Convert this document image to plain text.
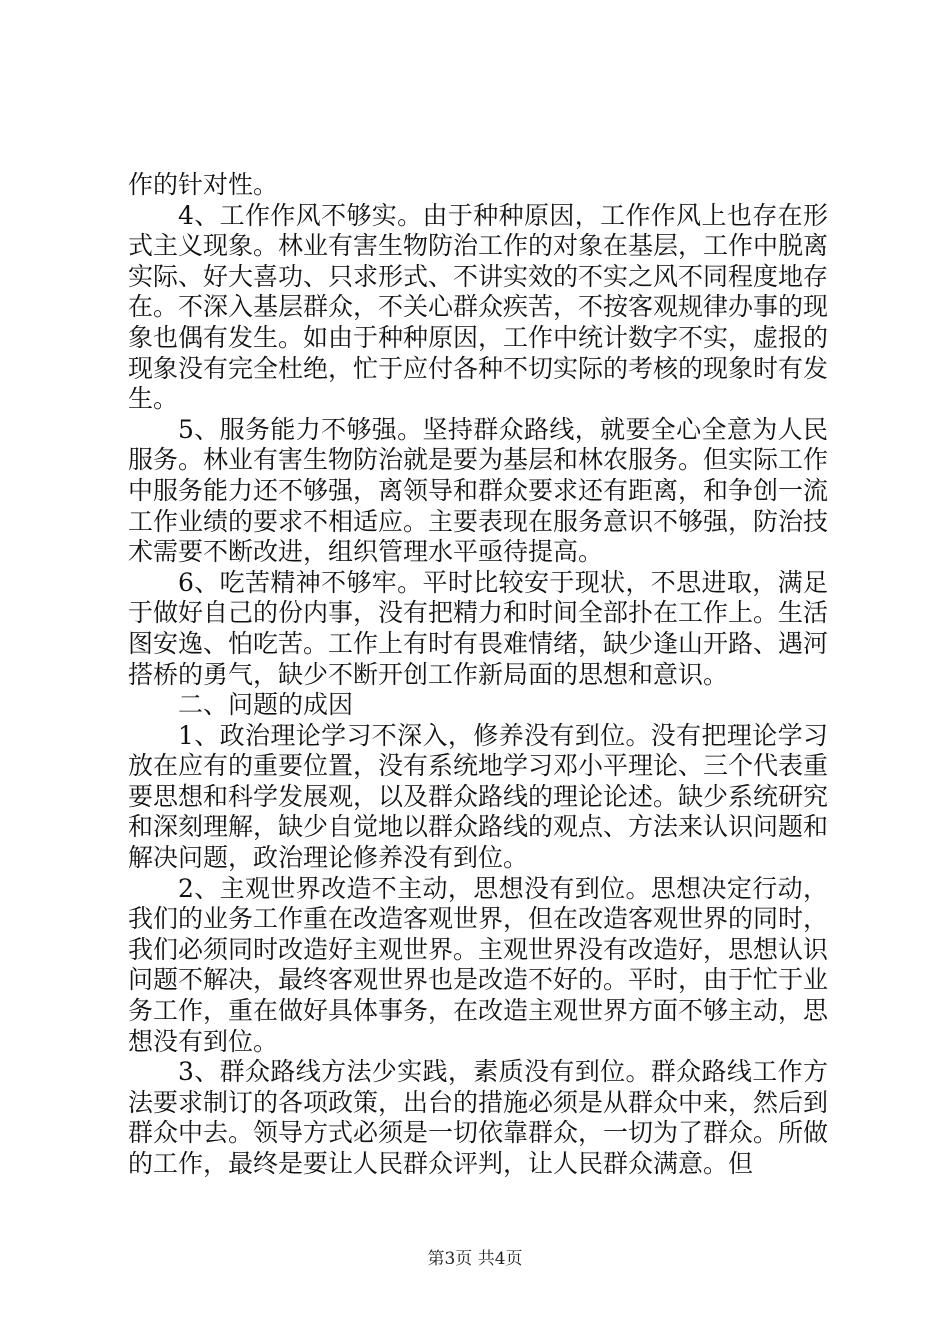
作的针对性。

4、工作作风不够实。由于种种原因，工作作风上也存在形式主义现象。林业有害生物防治工作的对象在基层，工作中脱离实际、好大喜功、只求形式、不讲实效的不实之风不同程度地存在。不深入基层群众，不关心群众疾苦，不按客观规律办事的现象也偶有发生。如由于种种原因，工作中统计数字不实，虚报的现象没有完全杜绝，忙于应付各种不切实际的考核的现象时有发生。

5、服务能力不够强。坚持群众路线，就要全心全意为人民服务。林业有害生物防治就是要为基层和林农服务。但实际工作中服务能力还不够强，离领导和群众要求还有距离，和争创一流工作业绩的要求不相适应。主要表现在服务意识不够强，防治技术需要不断改进，组织管理水平亟待提高。

6、吃苦精神不够牢。平时比较安于现状，不思进取，满足于做好自己的份内事，没有把精力和时间全部扑在工作上。生活图安逸、怕吃苦。工作上有时有畏难情绪，缺少逢山开路、遇河搭桥的勇气，缺少不断开创工作新局面的思想和意识。

二、问题的成因

1、政治理论学习不深入，修养没有到位。没有把理论学习放在应有的重要位置，没有系统地学习邓小平理论、三个代表重要思想和科学发展观，以及群众路线的理论论述。缺少系统研究和深刻理解，缺少自觉地以群众路线的观点、方法来认识问题和解决问题，政治理论修养没有到位。

2、主观世界改造不主动，思想没有到位。思想决定行动，我们的业务工作重在改造客观世界，但在改造客观世界的同时，我们必须同时改造好主观世界。主观世界没有改造好，思想认识问题不解决，最终客观世界也是改造不好的。平时，由于忙于业务工作，重在做好具体事务，在改造主观世界方面不够主动，思想没有到位。

3、群众路线方法少实践，素质没有到位。群众路线工作方法要求制订的各项政策，出台的措施必须是从群众中来，然后到群众中去。领导方式必须是一切依靠群众，一切为了群众。所做的工作，最终是要让人民群众评判，让人民群众满意。但

第3页 共4页
